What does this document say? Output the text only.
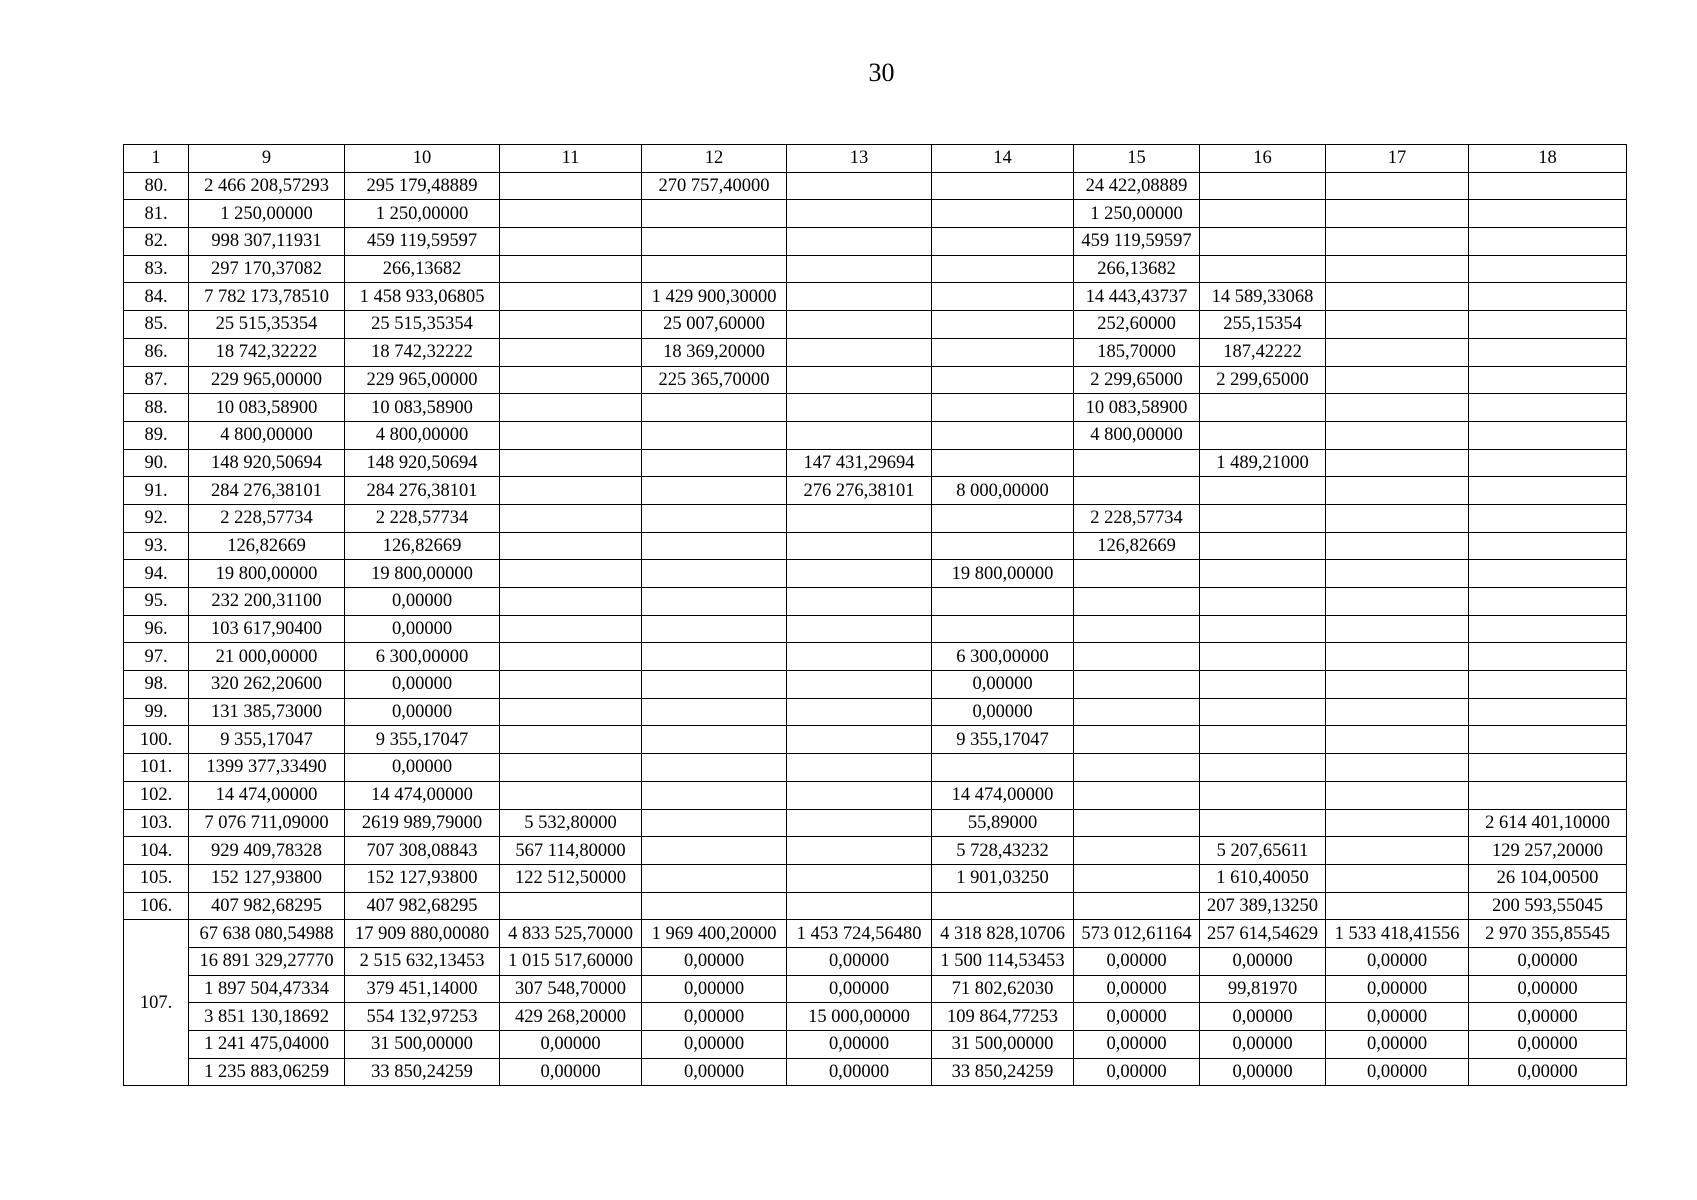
30
1	9	10	11	12	13	14	15	16	17	18
80.	2 466 208,57293	295 179,48889		270 757,40000			24 422,08889			
81.	1 250,00000	1 250,00000					1 250,00000			
82.	998 307,11931	459 119,59597					459 119,59597			
83.	297 170,37082	266,13682					266,13682			
84.	7 782 173,78510	1 458 933,06805		1 429 900,30000			14 443,43737	14 589,33068		
85.	25 515,35354	25 515,35354		25 007,60000			252,60000	255,15354		
86.	18 742,32222	18 742,32222		18 369,20000			185,70000	187,42222		
87.	229 965,00000	229 965,00000		225 365,70000			2 299,65000	2 299,65000		
88.	10 083,58900	10 083,58900					10 083,58900			
89.	4 800,00000	4 800,00000					4 800,00000			
90.	148 920,50694	148 920,50694			147 431,29694			1 489,21000		
91.	284 276,38101	284 276,38101			276 276,38101	8 000,00000				
92.	2 228,57734	2 228,57734					2 228,57734			
93.	126,82669	126,82669					126,82669			
94.	19 800,00000	19 800,00000				19 800,00000				
95.	232 200,31100	0,00000								
96.	103 617,90400	0,00000								
97.	21 000,00000	6 300,00000				6 300,00000				
98.	320 262,20600	0,00000				0,00000				
99.	131 385,73000	0,00000				0,00000				
100.	9 355,17047	9 355,17047				9 355,17047				
101.	1399 377,33490	0,00000								
102.	14 474,00000	14 474,00000				14 474,00000				
103.	7 076 711,09000	2619 989,79000	5 532,80000			55,89000				2 614 401,10000
104.	929 409,78328	707 308,08843	567 114,80000			5 728,43232		5 207,65611		129 257,20000
105.	152 127,93800	152 127,93800	122 512,50000			1 901,03250		1 610,40050		26 104,00500
106.	407 982,68295	407 982,68295						207 389,13250		200 593,55045
107.	67 638 080,54988	17 909 880,00080	4 833 525,70000	1 969 400,20000	1 453 724,56480	4 318 828,10706	573 012,61164	257 614,54629	1 533 418,41556	2 970 355,85545
	16 891 329,27770	2 515 632,13453	1 015 517,60000	0,00000	0,00000	1 500 114,53453	0,00000	0,00000	0,00000	0,00000
	1 897 504,47334	379 451,14000	307 548,70000	0,00000	0,00000	71 802,62030	0,00000	99,81970	0,00000	0,00000
	3 851 130,18692	554 132,97253	429 268,20000	0,00000	15 000,00000	109 864,77253	0,00000	0,00000	0,00000	0,00000
	1 241 475,04000	31 500,00000	0,00000	0,00000	0,00000	31 500,00000	0,00000	0,00000	0,00000	0,00000
	1 235 883,06259	33 850,24259	0,00000	0,00000	0,00000	33 850,24259	0,00000	0,00000	0,00000	0,00000
